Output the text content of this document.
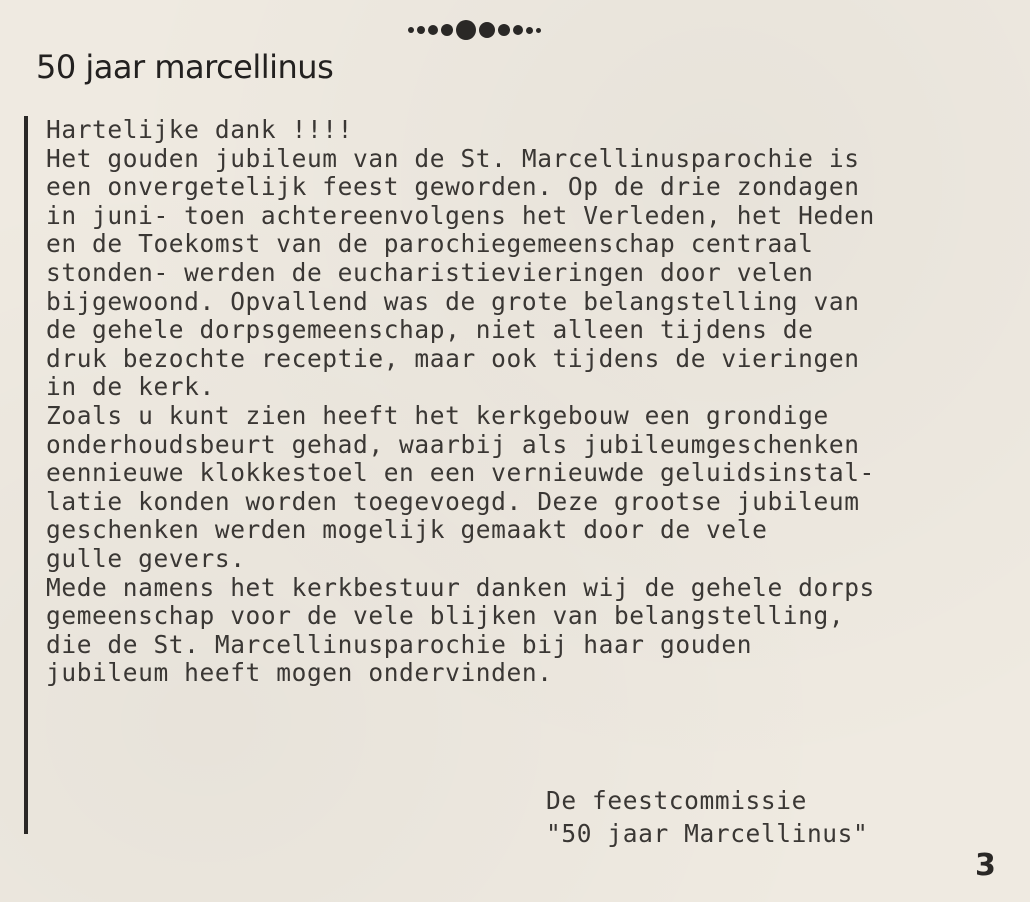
50 jaar marcellinus
Hartelijke dank !!!!
Het gouden jubileum van de St. Marcellinusparochie is
een onvergetelijk feest geworden. Op de drie zondagen
in juni- toen achtereenvolgens het Verleden, het Heden
en de Toekomst van de parochiegemeenschap centraal
stonden- werden de eucharistievieringen door velen
bijgewoond. Opvallend was de grote belangstelling van
de gehele dorpsgemeenschap, niet alleen tijdens de
druk bezochte receptie, maar ook tijdens de vieringen
in de kerk.
Zoals u kunt zien heeft het kerkgebouw een grondige
onderhoudsbeurt gehad, waarbij als jubileumgeschenken
eennieuwe klokkestoel en een vernieuwde geluidsinstal-
latie konden worden toegevoegd. Deze grootse jubileum
geschenken werden mogelijk gemaakt door de vele
gulle gevers.
Mede namens het kerkbestuur danken wij de gehele dorps
gemeenschap voor de vele blijken van belangstelling,
die de St. Marcellinusparochie bij haar gouden
jubileum heeft mogen ondervinden.
De feestcommissie
"50 jaar Marcellinus"
3
